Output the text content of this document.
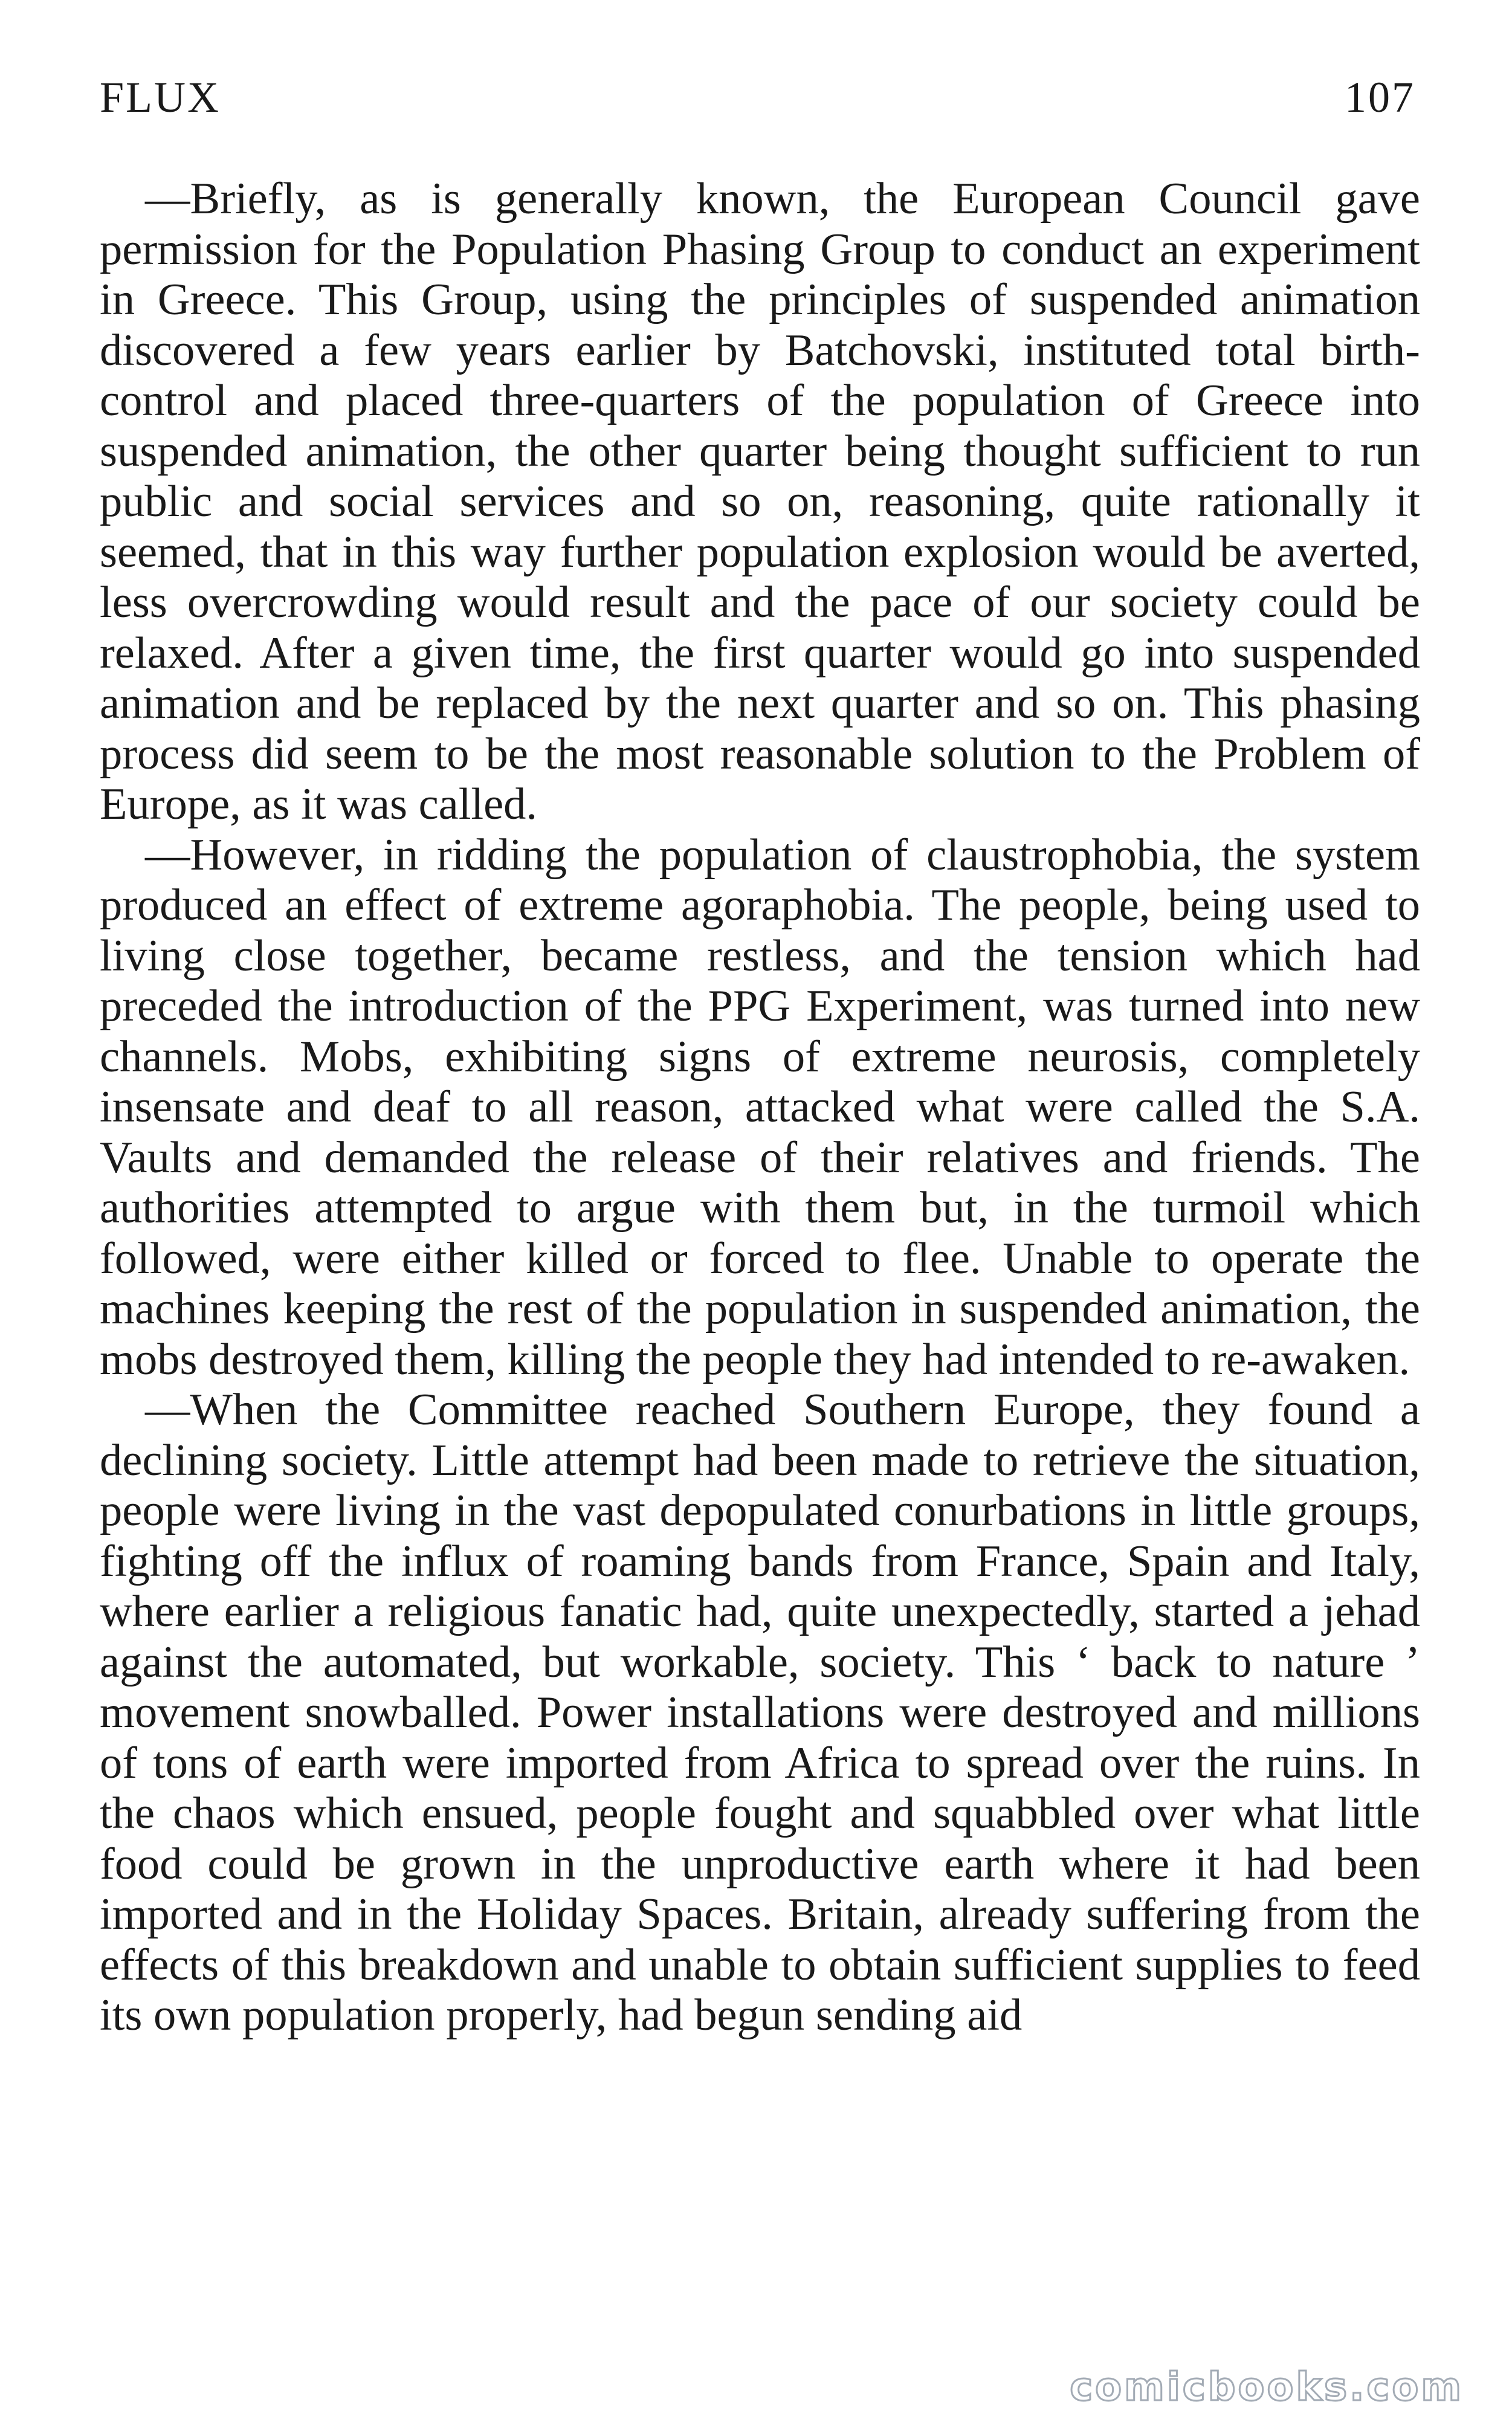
FLUX	107

—Briefly, as is generally known, the European Council gave permission for the Population Phasing Group to conduct an experiment in Greece. This Group, using the principles of suspended animation discovered a few years earlier by Batchovski, instituted total birth-control and placed three-quarters of the population of Greece into suspended animation, the other quarter being thought sufficient to run public and social services and so on, reasoning, quite rationally it seemed, that in this way further population explosion would be averted, less overcrowding would result and the pace of our society could be relaxed. After a given time, the first quarter would go into suspended animation and be replaced by the next quarter and so on. This phasing process did seem to be the most reasonable solution to the Problem of Europe, as it was called.

—However, in ridding the population of claustrophobia, the system produced an effect of extreme agoraphobia. The people, being used to living close together, became restless, and the tension which had preceded the introduction of the PPG Experiment, was turned into new channels. Mobs, exhibiting signs of extreme neurosis, completely insensate and deaf to all reason, attacked what were called the S.A. Vaults and demanded the release of their relatives and friends. The authorities attempted to argue with them but, in the turmoil which followed, were either killed or forced to flee. Unable to operate the machines keeping the rest of the population in suspended animation, the mobs destroyed them, killing the people they had intended to re-awaken.

—When the Committee reached Southern Europe, they found a declining society. Little attempt had been made to retrieve the situation, people were living in the vast depopulated conurbations in little groups, fighting off the influx of roaming bands from France, Spain and Italy, where earlier a religious fanatic had, quite unexpectedly, started a jehad against the automated, but workable, society. This ‘ back to nature ’ movement snowballed. Power installations were destroyed and millions of tons of earth were imported from Africa to spread over the ruins. In the chaos which ensued, people fought and squabbled over what little food could be grown in the unproductive earth where it had been imported and in the Holiday Spaces. Britain, already suffering from the effects of this breakdown and unable to obtain sufficient supplies to feed its own population properly, had begun sending aid

comicbooks.com
